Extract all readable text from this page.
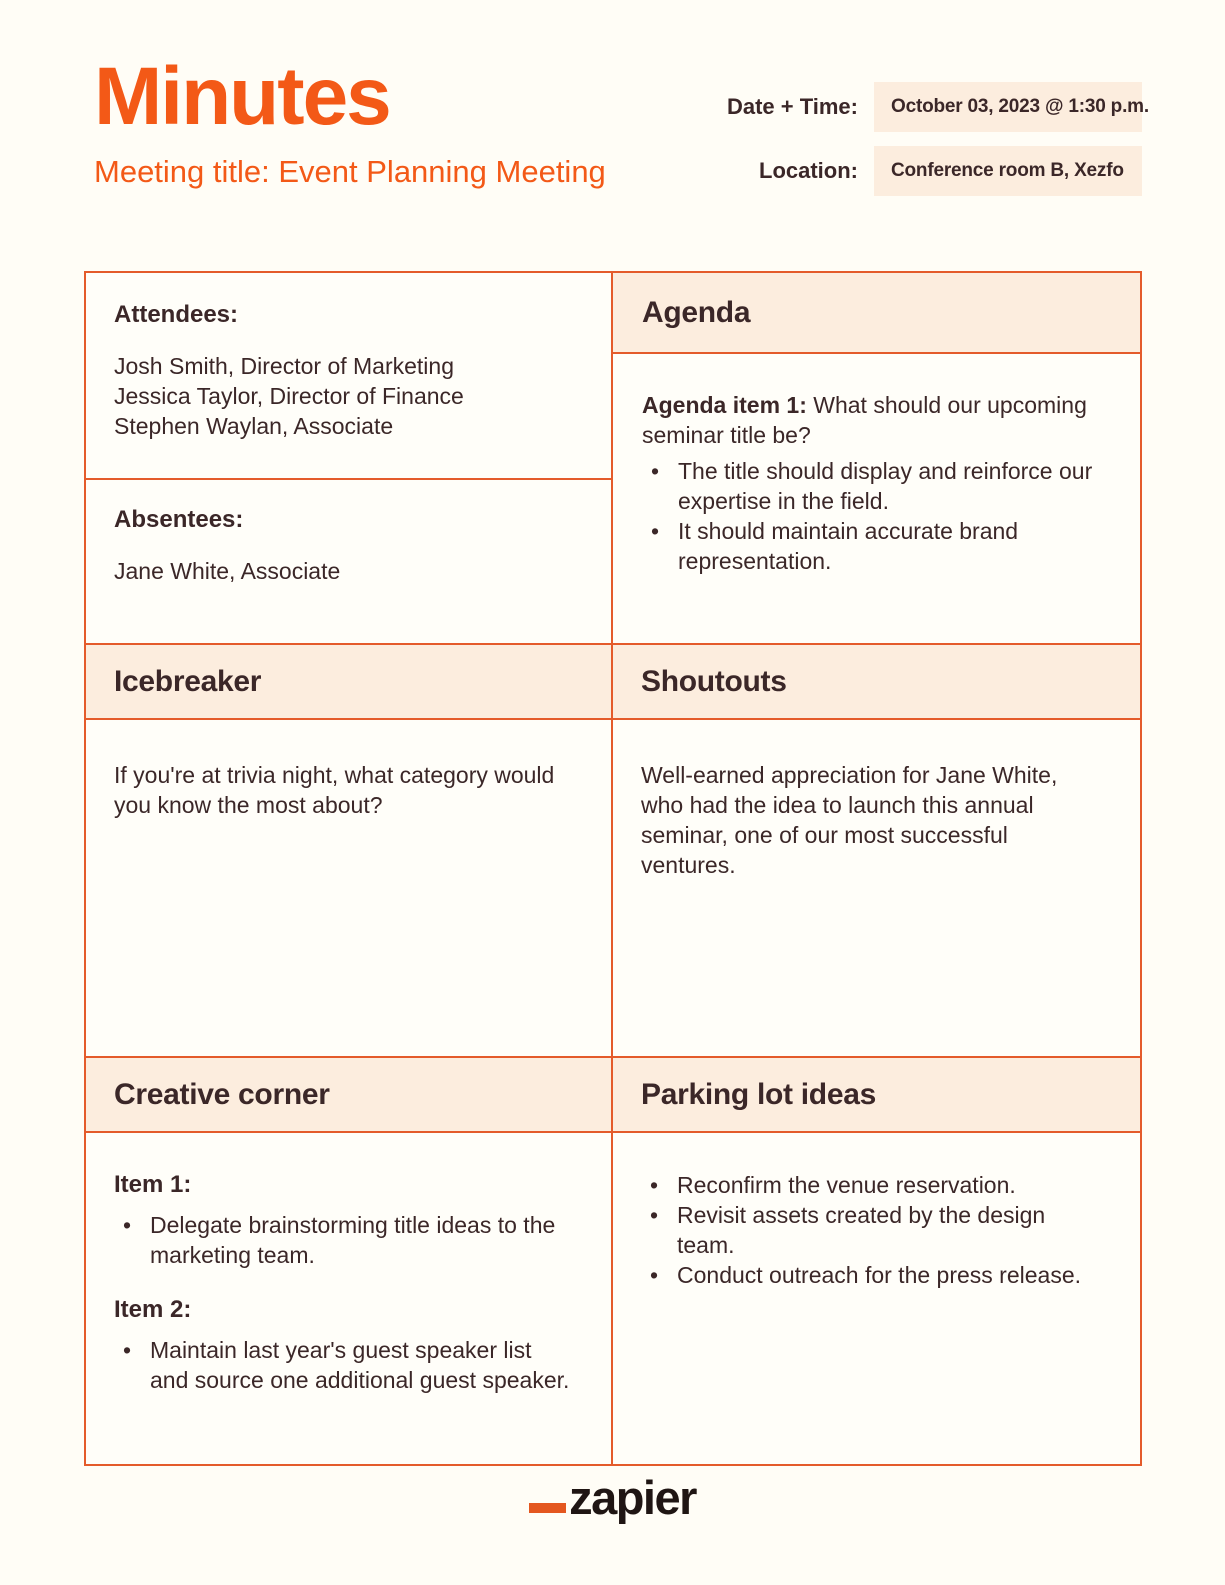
Minutes
Meeting title: Event Planning Meeting
Date + Time:	October 03, 2023 @ 1:30 p.m.
Location:	Conference room B, Xezfo
Attendees:
Josh Smith, Director of Marketing
Jessica Taylor, Director of Finance
Stephen Waylan, Associate
Absentees:
Jane White, Associate
Agenda

Agenda item 1: What should our upcoming seminar title be?

• The title should display and reinforce our expertise in the field.
• It should maintain accurate brand representation.
Icebreaker	Shoutouts

If you're at trivia night, what category would you know the most about?

Well-earned appreciation for Jane White, who had the idea to launch this annual seminar, one of our most successful ventures.

Creative corner	Parking lot ideas
Item 1:
• Delegate brainstorming title ideas to the marketing team.
Item 2:
• Maintain last year's guest speaker list and source one additional guest speaker.
• Reconfirm the venue reservation.
• Revisit assets created by the design team.
• Conduct outreach for the press release.
zapier
